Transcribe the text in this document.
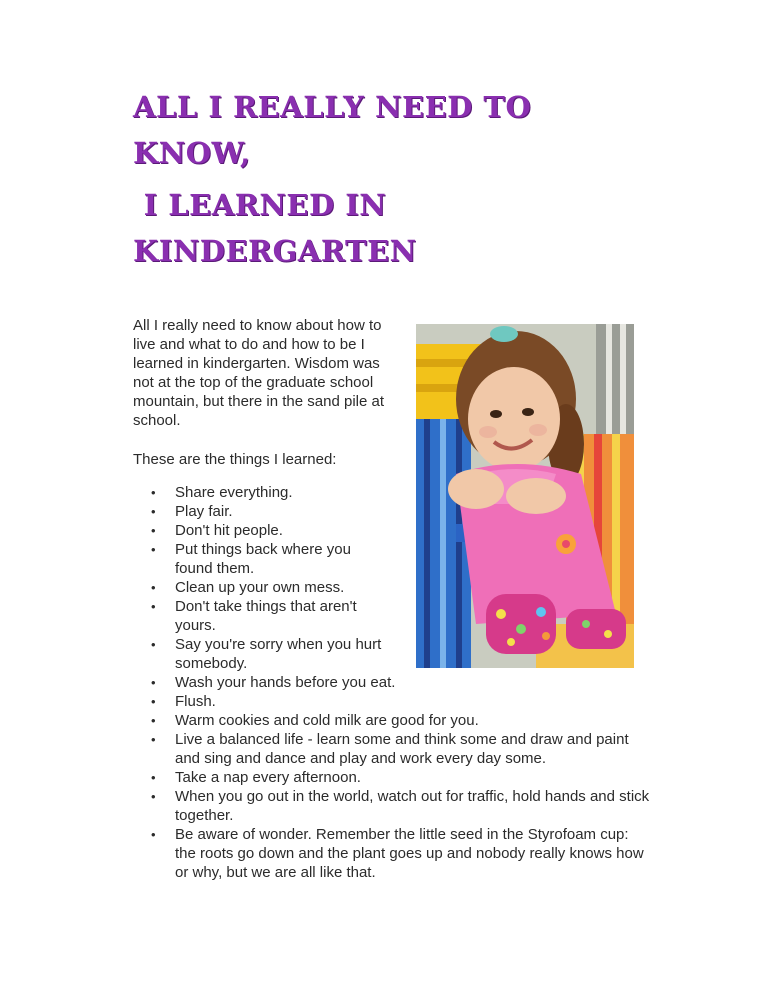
ALL I REALLY NEED TO
KNOW,
I LEARNED IN
KINDERGARTEN

All I really need to know about how to live and what to do and how to be I learned in kindergarten. Wisdom was not at the top of the graduate school mountain, but there in the sand pile at school.

These are the things I learned:

• Share everything.
• Play fair.
• Don't hit people.
• Put things back where you found them.
• Clean up your own mess.
• Don't take things that aren't yours.
• Say you're sorry when you hurt somebody.
• Wash your hands before you eat.
• Flush.
• Warm cookies and cold milk are good for you.
• Live a balanced life - learn some and think some and draw and paint and sing and dance and play and work every day some.
• Take a nap every afternoon.
• When you go out in the world, watch out for traffic, hold hands and stick together.
• Be aware of wonder. Remember the little seed in the Styrofoam cup: the roots go down and the plant goes up and nobody really knows how or why, but we are all like that.
